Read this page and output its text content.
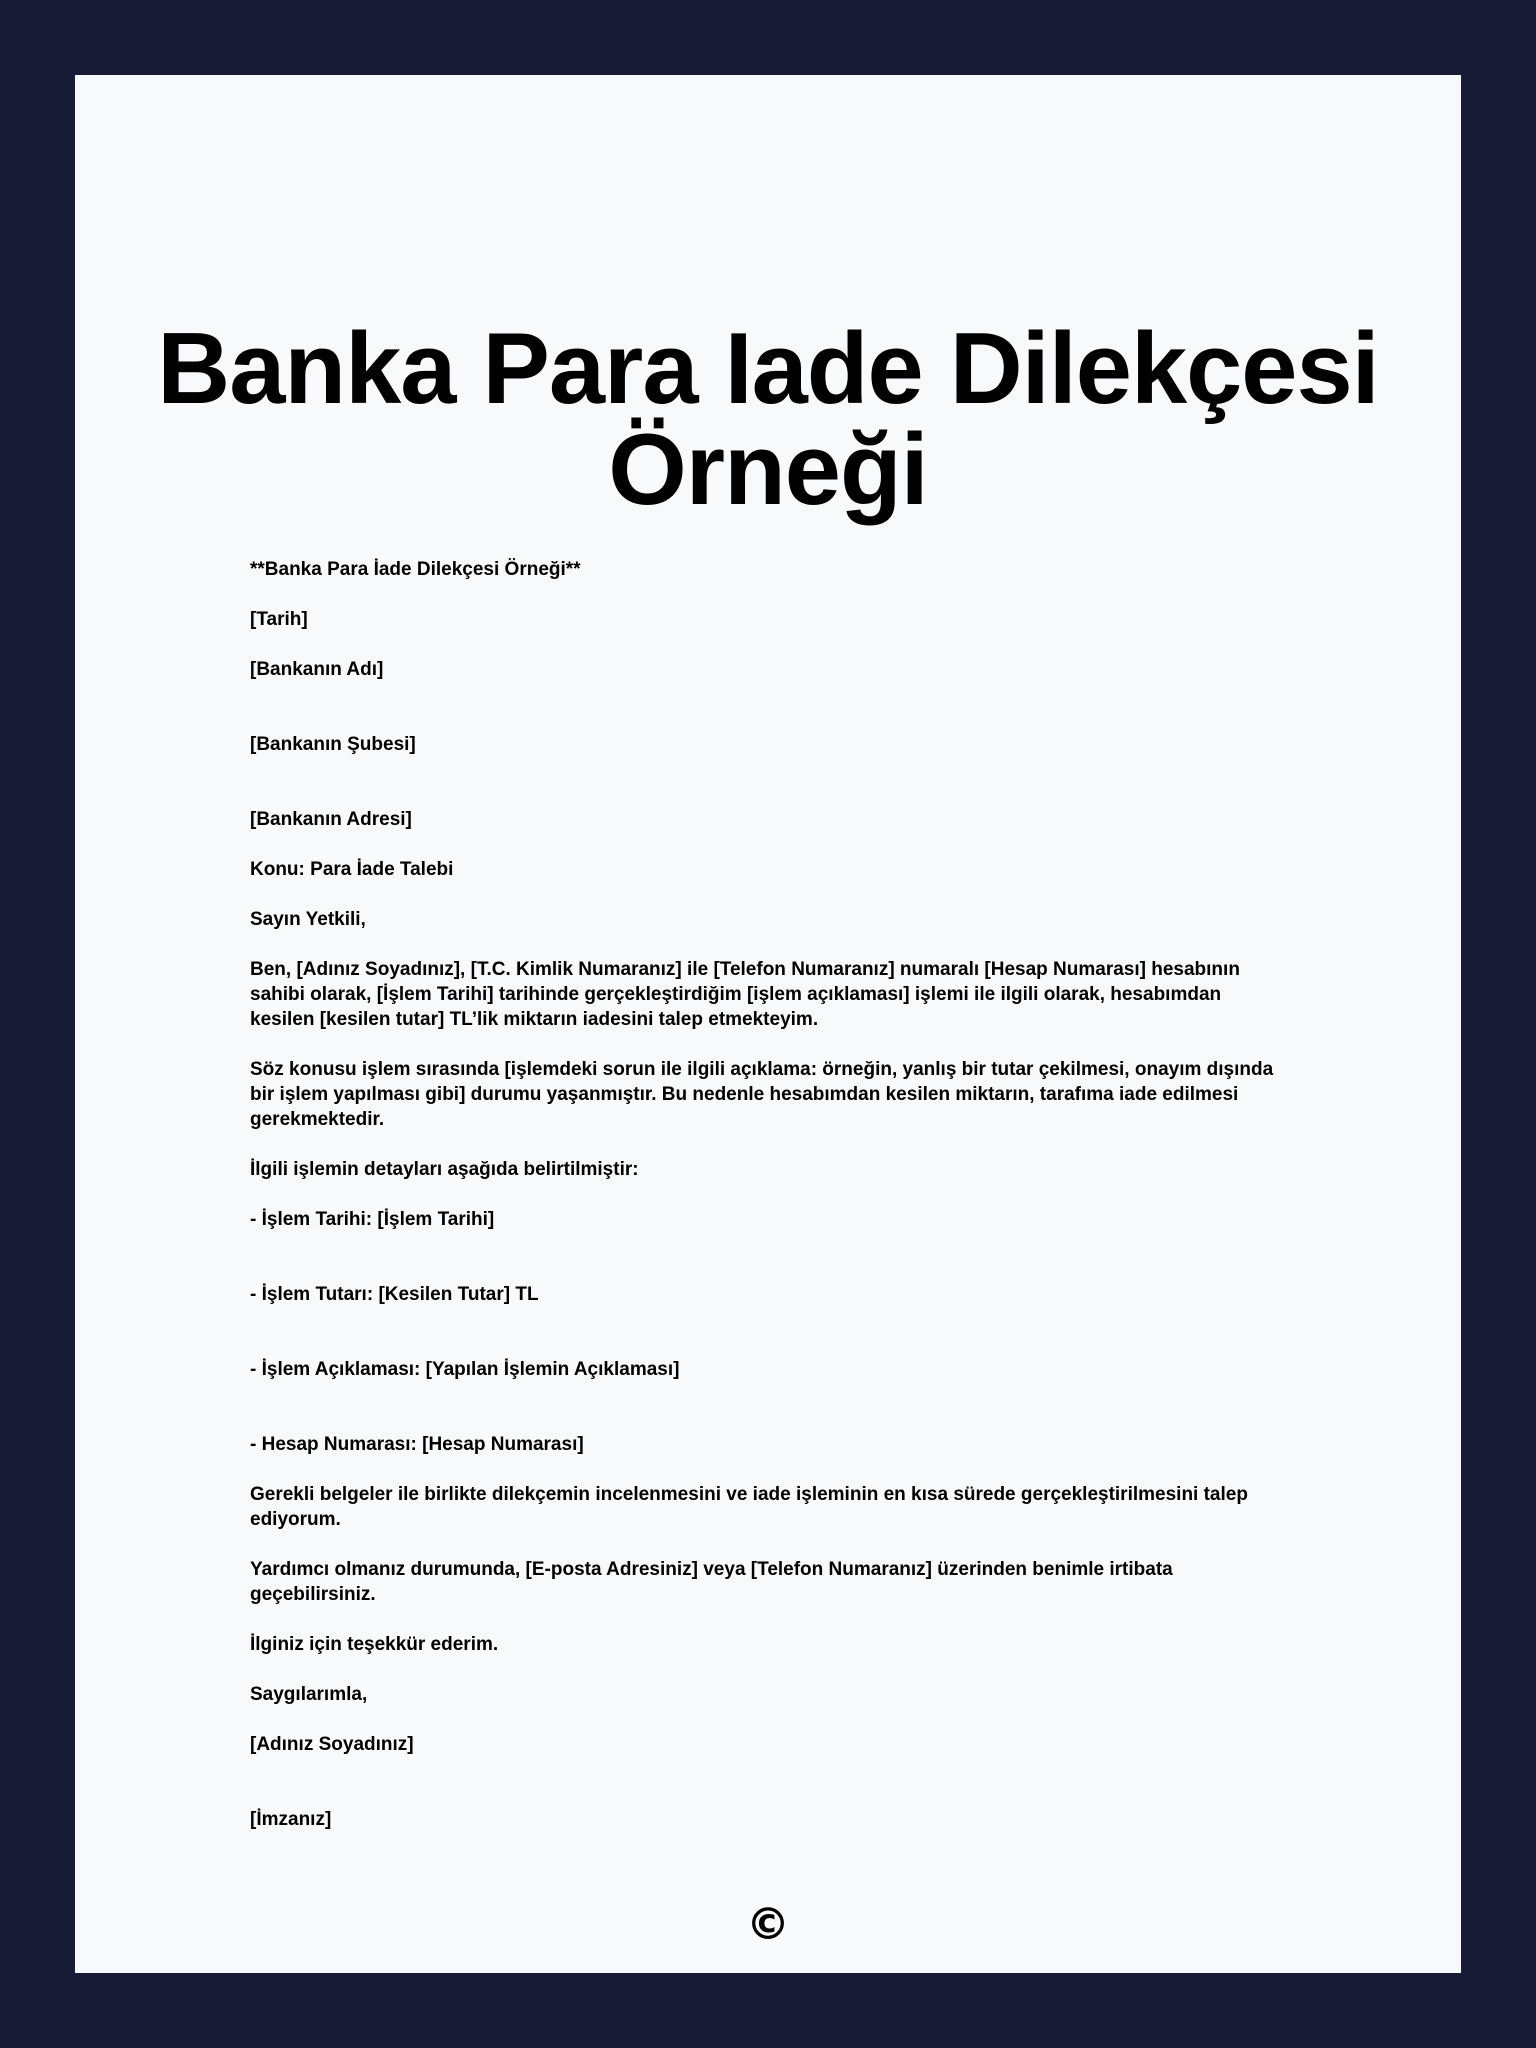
Banka Para Iade Dilekçesi
Örneği

**Banka Para İade Dilekçesi Örneği**

[Tarih]

[Bankanın Adı]

[Bankanın Şubesi]

[Bankanın Adresi]

Konu: Para İade Talebi

Sayın Yetkili,

Ben, [Adınız Soyadınız], [T.C. Kimlik Numaranız] ile [Telefon Numaranız] numaralı [Hesap Numarası] hesabının sahibi olarak, [İşlem Tarihi] tarihinde gerçekleştirdiğim [işlem açıklaması] işlemi ile ilgili olarak, hesabımdan kesilen [kesilen tutar] TL’lik miktarın iadesini talep etmekteyim.

Söz konusu işlem sırasında [işlemdeki sorun ile ilgili açıklama: örneğin, yanlış bir tutar çekilmesi, onayım dışında bir işlem yapılması gibi] durumu yaşanmıştır. Bu nedenle hesabımdan kesilen miktarın, tarafıma iade edilmesi gerekmektedir.

İlgili işlemin detayları aşağıda belirtilmiştir:

- İşlem Tarihi: [İşlem Tarihi]

- İşlem Tutarı: [Kesilen Tutar] TL

- İşlem Açıklaması: [Yapılan İşlemin Açıklaması]

- Hesap Numarası: [Hesap Numarası]

Gerekli belgeler ile birlikte dilekçemin incelenmesini ve iade işleminin en kısa sürede gerçekleştirilmesini talep ediyorum.

Yardımcı olmanız durumunda, [E-posta Adresiniz] veya [Telefon Numaranız] üzerinden benimle irtibata geçebilirsiniz.

İlginiz için teşekkür ederim.

Saygılarımla,

[Adınız Soyadınız]

[İmzanız]

©
